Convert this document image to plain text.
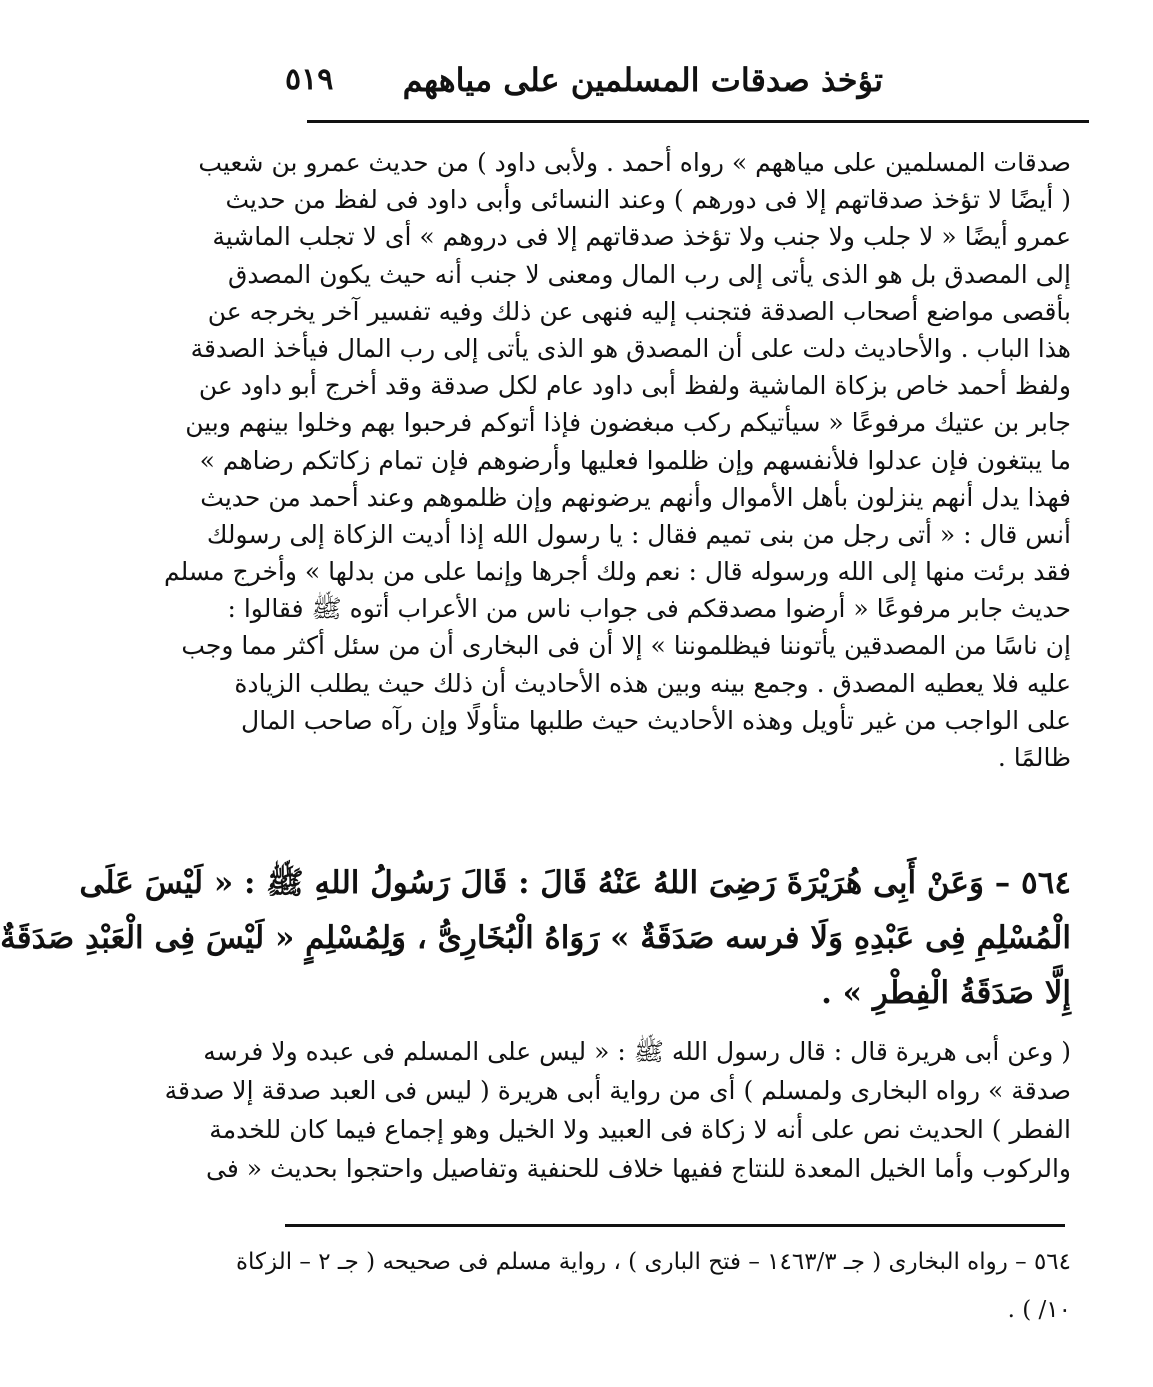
تؤخذ صدقات المسلمين على مياههم
٥١٩
صدقات المسلمين على مياههم » رواه أحمد . ولأبى داود ) من حديث عمرو بن شعيب
( أيضًا لا تؤخذ صدقاتهم إلا فى دورهم ) وعند النسائى وأبى داود فى لفظ من حديث
عمرو أيضًا « لا جلب ولا جنب ولا تؤخذ صدقاتهم إلا فى دروهم » أى لا تجلب الماشية
إلى المصدق بل هو الذى يأتى إلى رب المال ومعنى لا جنب أنه حيث يكون المصدق
بأقصى مواضع أصحاب الصدقة فتجنب إليه فنهى عن ذلك وفيه تفسير آخر يخرجه عن
هذا الباب . والأحاديث دلت على أن المصدق هو الذى يأتى إلى رب المال فيأخذ الصدقة
ولفظ أحمد خاص بزكاة الماشية ولفظ أبى داود عام لكل صدقة وقد أخرج أبو داود عن
جابر بن عتيك مرفوعًا « سيأتيكم ركب مبغضون فإذا أتوكم فرحبوا بهم وخلوا بينهم وبين
ما يبتغون فإن عدلوا فلأنفسهم وإن ظلموا فعليها وأرضوهم فإن تمام زكاتكم رضاهم »
فهذا يدل أنهم ينزلون بأهل الأموال وأنهم يرضونهم وإن ظلموهم وعند أحمد من حديث
أنس قال : « أتى رجل من بنى تميم فقال : يا رسول الله إذا أديت الزكاة إلى رسولك
فقد برئت منها إلى الله ورسوله قال : نعم ولك أجرها وإنما على من بدلها » وأخرج مسلم
حديث جابر مرفوعًا « أرضوا مصدقكم فى جواب ناس من الأعراب أتوه ﷺ فقالوا :
إن ناسًا من المصدقين يأتوننا فيظلموننا » إلا أن فى البخارى أن من سئل أكثر مما وجب
عليه فلا يعطيه المصدق . وجمع بينه وبين هذه الأحاديث أن ذلك حيث يطلب الزيادة
على الواجب من غير تأويل وهذه الأحاديث حيث طلبها متأولًا وإن رآه صاحب المال
ظالمًا .
٥٦٤ – وَعَنْ أَبِى هُرَيْرَةَ رَضِىَ اللهُ عَنْهُ قَالَ : قَالَ رَسُولُ اللهِ ﷺ : « لَيْسَ عَلَى
الْمُسْلِمِ فِى عَبْدِهِ وَلَا فرسه صَدَقَةٌ » رَوَاهُ الْبُخَارِىُّ ، وَلِمُسْلِمٍ « لَيْسَ فِى الْعَبْدِ صَدَقَةٌ
إِلَّا صَدَقَةُ الْفِطْرِ » .
( وعن أبى هريرة قال : قال رسول الله ﷺ : « ليس على المسلم فى عبده ولا فرسه
صدقة » رواه البخارى ولمسلم ) أى من رواية أبى هريرة ( ليس فى العبد صدقة إلا صدقة
الفطر ) الحديث نص على أنه لا زكاة فى العبيد ولا الخيل وهو إجماع فيما كان للخدمة
والركوب وأما الخيل المعدة للنتاج ففيها خلاف للحنفية وتفاصيل واحتجوا بحديث « فى
٥٦٤ – رواه البخارى ( جـ ١٤٦٣/٣ – فتح البارى ) ، رواية مسلم فى صحيحه ( جـ ٢ – الزكاة
١٠/ ) .
